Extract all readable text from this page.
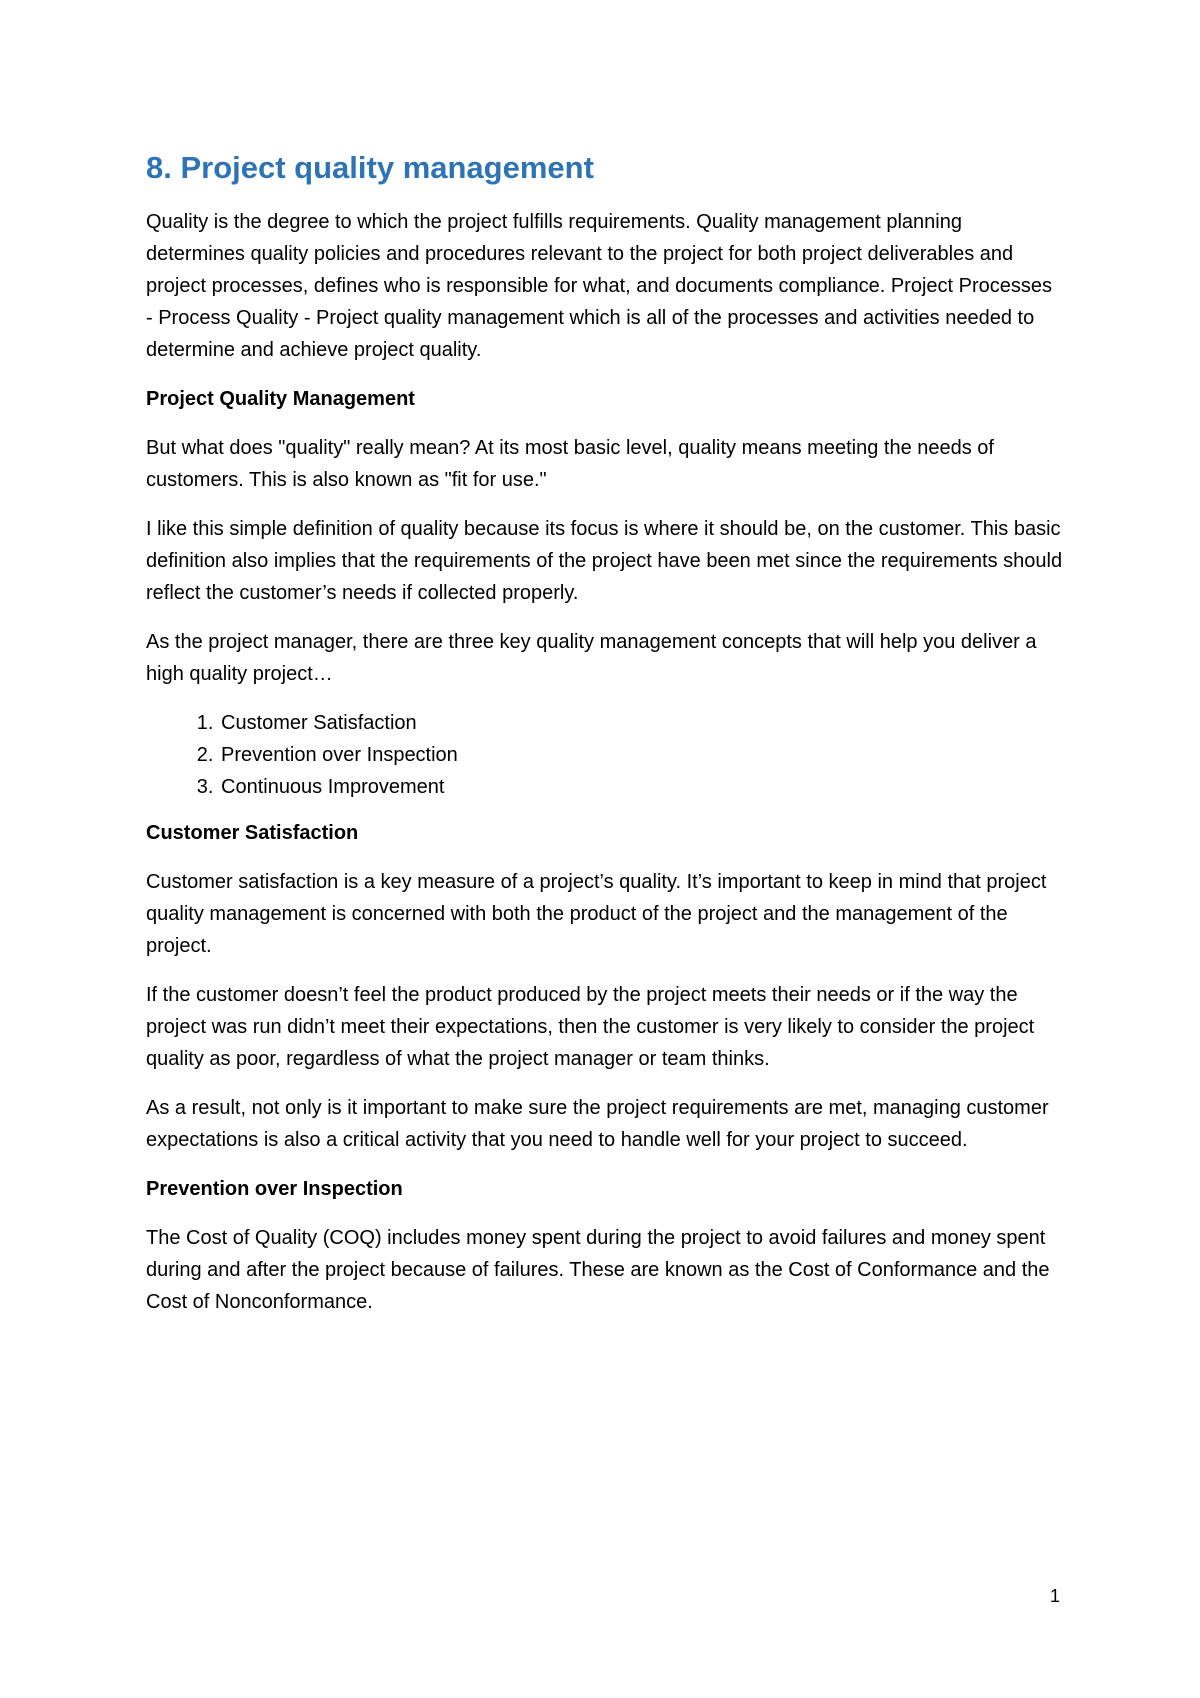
8. Project quality management

Quality is the degree to which the project fulfills requirements. Quality management planning determines quality policies and procedures relevant to the project for both project deliverables and project processes, defines who is responsible for what, and documents compliance. Project Processes - Process Quality - Project quality management which is all of the processes and activities needed to determine and achieve project quality.

Project Quality Management

But what does "quality" really mean? At its most basic level, quality means meeting the needs of customers. This is also known as "fit for use."

I like this simple definition of quality because its focus is where it should be, on the customer. This basic definition also implies that the requirements of the project have been met since the requirements should reflect the customer’s needs if collected properly.

As the project manager, there are three key quality management concepts that will help you deliver a high quality project…

1. Customer Satisfaction
2. Prevention over Inspection
3. Continuous Improvement
Customer Satisfaction

Customer satisfaction is a key measure of a project’s quality. It’s important to keep in mind that project quality management is concerned with both the product of the project and the management of the project.

If the customer doesn’t feel the product produced by the project meets their needs or if the way the project was run didn’t meet their expectations, then the customer is very likely to consider the project quality as poor, regardless of what the project manager or team thinks.

As a result, not only is it important to make sure the project requirements are met, managing customer expectations is also a critical activity that you need to handle well for your project to succeed.

Prevention over Inspection

The Cost of Quality (COQ) includes money spent during the project to avoid failures and money spent during and after the project because of failures. These are known as the Cost of Conformance and the Cost of Nonconformance.

1
